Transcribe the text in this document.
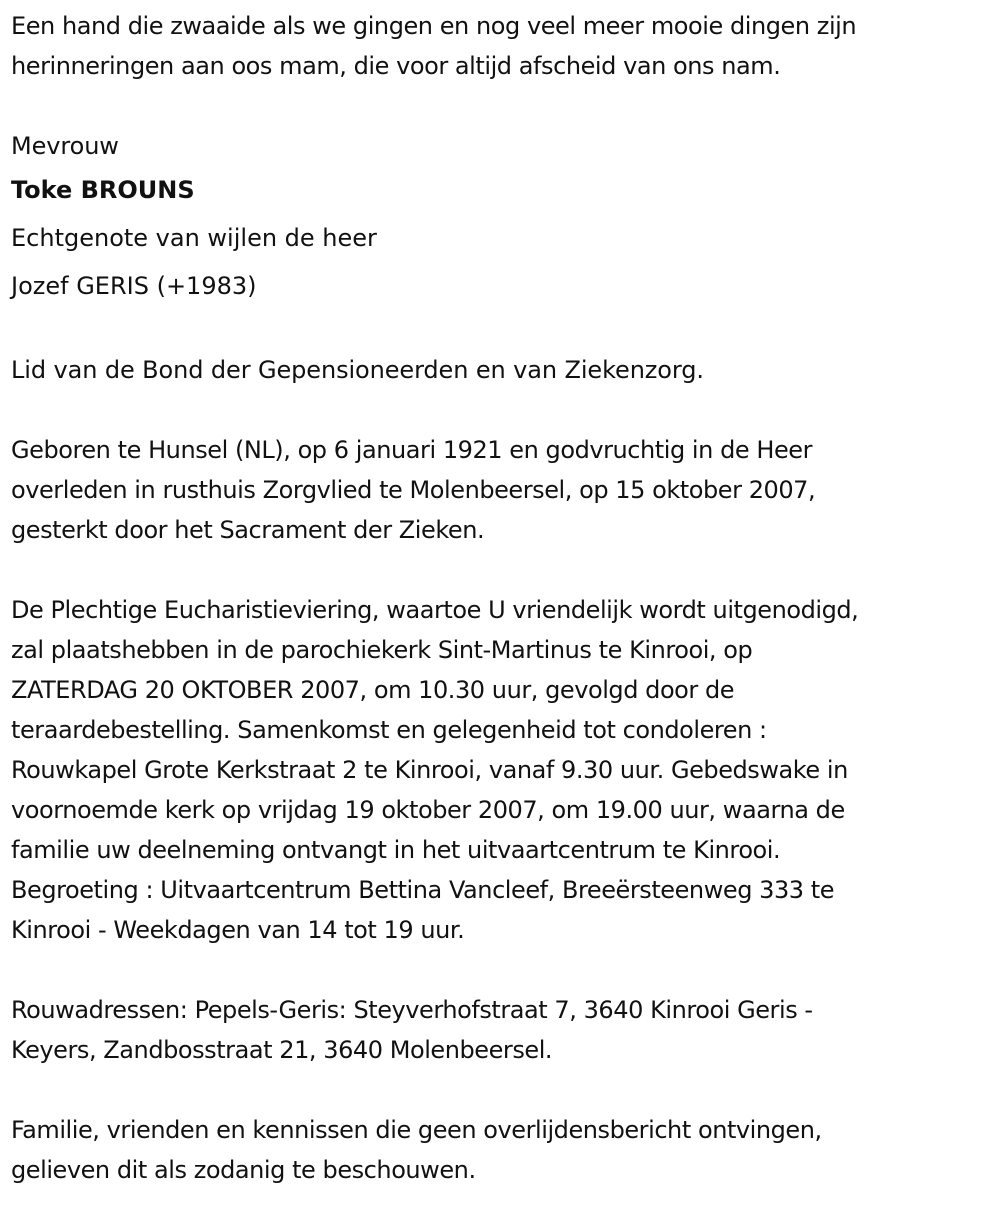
Een hand die zwaaide als we gingen en nog veel meer mooie dingen zijn
herinneringen aan oos mam, die voor altijd afscheid van ons nam.
Mevrouw
Toke BROUNS
Echtgenote van wijlen de heer
Jozef GERIS (+1983)
Lid van de Bond der Gepensioneerden en van Ziekenzorg.
Geboren te Hunsel (NL), op 6 januari 1921 en godvruchtig in de Heer
overleden in rusthuis Zorgvlied te Molenbeersel, op 15 oktober 2007,
gesterkt door het Sacrament der Zieken.
De Plechtige Eucharistieviering, waartoe U vriendelijk wordt uitgenodigd,
zal plaatshebben in de parochiekerk Sint-Martinus te Kinrooi, op
ZATERDAG 20 OKTOBER 2007, om 10.30 uur, gevolgd door de
teraardebestelling. Samenkomst en gelegenheid tot condoleren :
Rouwkapel Grote Kerkstraat 2 te Kinrooi, vanaf 9.30 uur. Gebedswake in
voornoemde kerk op vrijdag 19 oktober 2007, om 19.00 uur, waarna de
familie uw deelneming ontvangt in het uitvaartcentrum te Kinrooi.
Begroeting : Uitvaartcentrum Bettina Vancleef, Breeërsteenweg 333 te
Kinrooi - Weekdagen van 14 tot 19 uur.
Rouwadressen: Pepels-Geris: Steyverhofstraat 7, 3640 Kinrooi Geris -
Keyers, Zandbosstraat 21, 3640 Molenbeersel.
Familie, vrienden en kennissen die geen overlijdensbericht ontvingen,
gelieven dit als zodanig te beschouwen.
